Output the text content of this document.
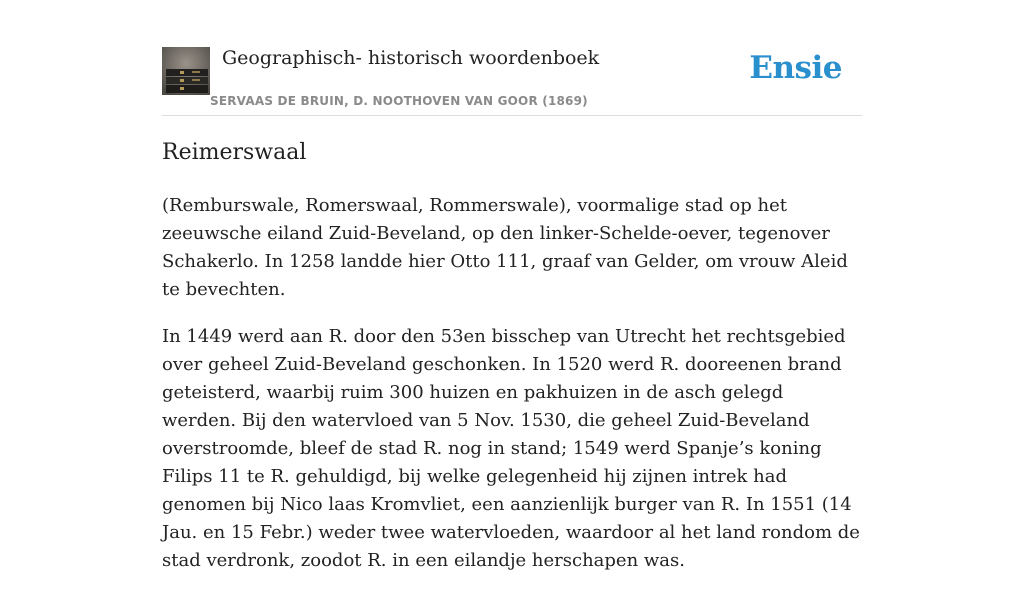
Geographisch- historisch woordenboek
SERVAAS DE BRUIN, D. NOOTHOVEN VAN GOOR (1869)
Ensie
Reimerswaal

(Remburswale, Romerswaal, Rommerswale), voormalige stad op het zeeuwsche eiland Zuid-Beveland, op den linker-Schelde-oever, tegenover Schakerlo. In 1258 landde hier Otto 111, graaf van Gelder, om vrouw Aleid te bevechten.

In 1449 werd aan R. door den 53en bisschep van Utrecht het rechtsgebied over geheel Zuid-Beveland geschonken. In 1520 werd R. dooreenen brand geteisterd, waarbij ruim 300 huizen en pakhuizen in de asch gelegd werden. Bij den watervloed van 5 Nov. 1530, die geheel Zuid-Beveland overstroomde, bleef de stad R. nog in stand; 1549 werd Spanje’s koning Filips 11 te R. gehuldigd, bij welke gelegenheid hij zijnen intrek had genomen bij Nico laas Kromvliet, een aanzienlijk burger van R. In 1551 (14 Jau. en 15 Febr.) weder twee watervloeden, waardoor al het land rondom de stad verdronk, zoodot R. in een eilandje herschapen was.
